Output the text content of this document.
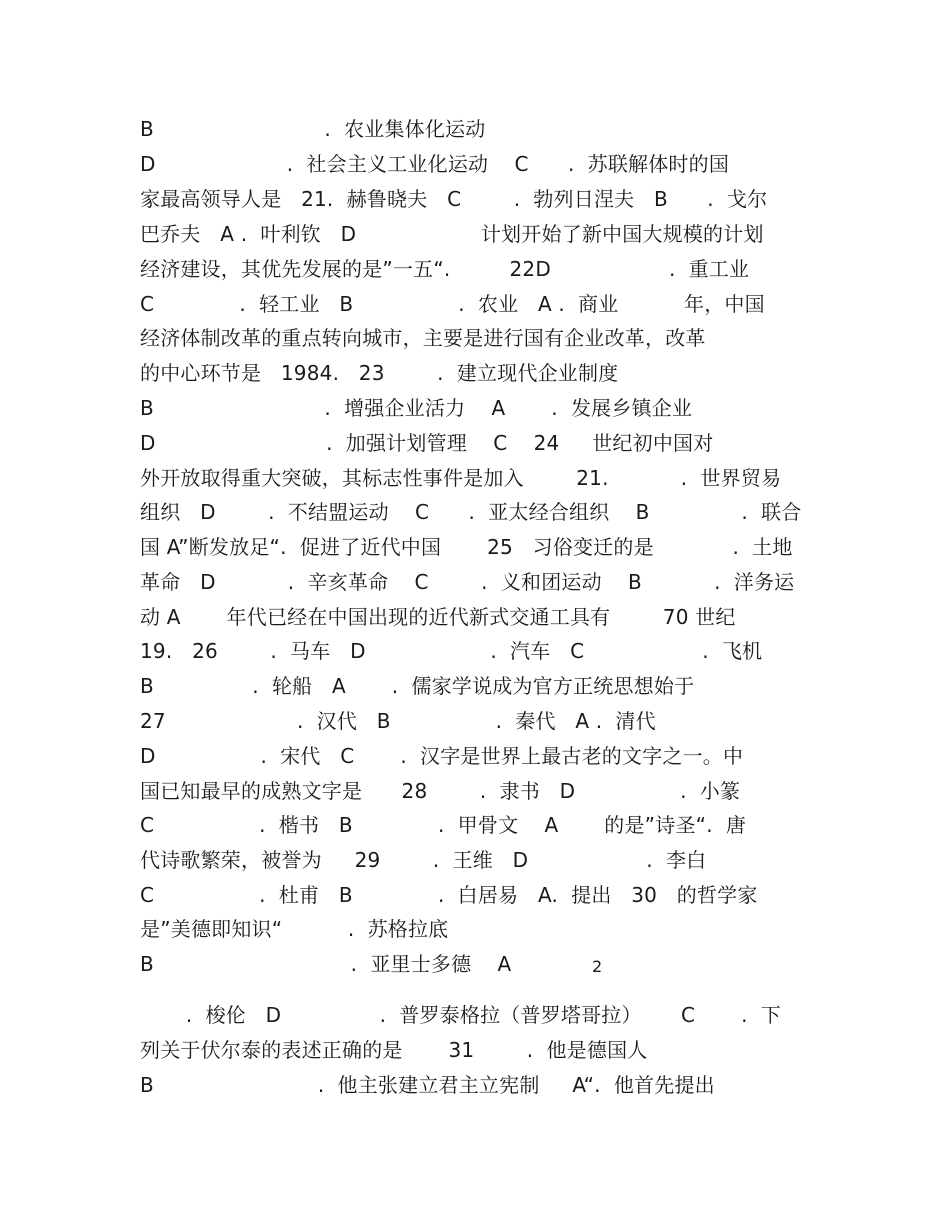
B                          .  农业集体化运动
D                    .  社会主义工业化运动    C      .  苏联解体时的国
家最高领导人是   21.  赫鲁晓夫   C        .  勃列日涅夫   B      .  戈尔
巴乔夫   A .  叶利钦   D                   计划开始了新中国大规模的计划
经济建设，其优先发展的是”一五“.         22D                  .  重工业
C             .  轻工业   B                .  农业   A .  商业          年，中国
经济体制改革的重点转向城市，主要是进行国有企业改革，改革
的中心环节是   1984.   23        .  建立现代企业制度
B                          .  增强企业活力    A       .  发展乡镇企业
D                          .  加强计划管理    C    24     世纪初中国对
外开放取得重大突破，其标志性事件是加入        21.           .  世界贸易
组织   D        .  不结盟运动    C      .  亚太经合组织    B              .  联合
国 A”断发放足“.  促进了近代中国       25   习俗变迁的是            .  土地
革命   D           .  辛亥革命    C        .  义和团运动    B           .  洋务运
动 A       年代已经在中国出现的近代新式交通工具有        70 世纪
19.   26        .  马车   D                   .  汽车   C                  .  飞机
B               .  轮船   A       .  儒家学说成为官方正统思想始于
27                    .  汉代   B                .  秦代   A .  清代
D                .  宋代   C       .  汉字是世界上最古老的文字之一。中
国已知最早的成熟文字是      28        .  隶书   D                .  小篆
C                .  楷书   B             .  甲骨文    A       的是”诗圣“.  唐
代诗歌繁荣，被誉为     29        .  王维   D                  .  李白
C                .  杜甫   B             .  白居易   A.  提出   30   的哲学家
是”美德即知识“          .  苏格拉底
B                              .  亚里士多德    A	2
.  梭伦   D               .  普罗泰格拉（普罗塔哥拉）      C       .  下
列关于伏尔泰的表述正确的是       31        .  他是德国人
B                         .  他主张建立君主立宪制     A“.  他首先提出
